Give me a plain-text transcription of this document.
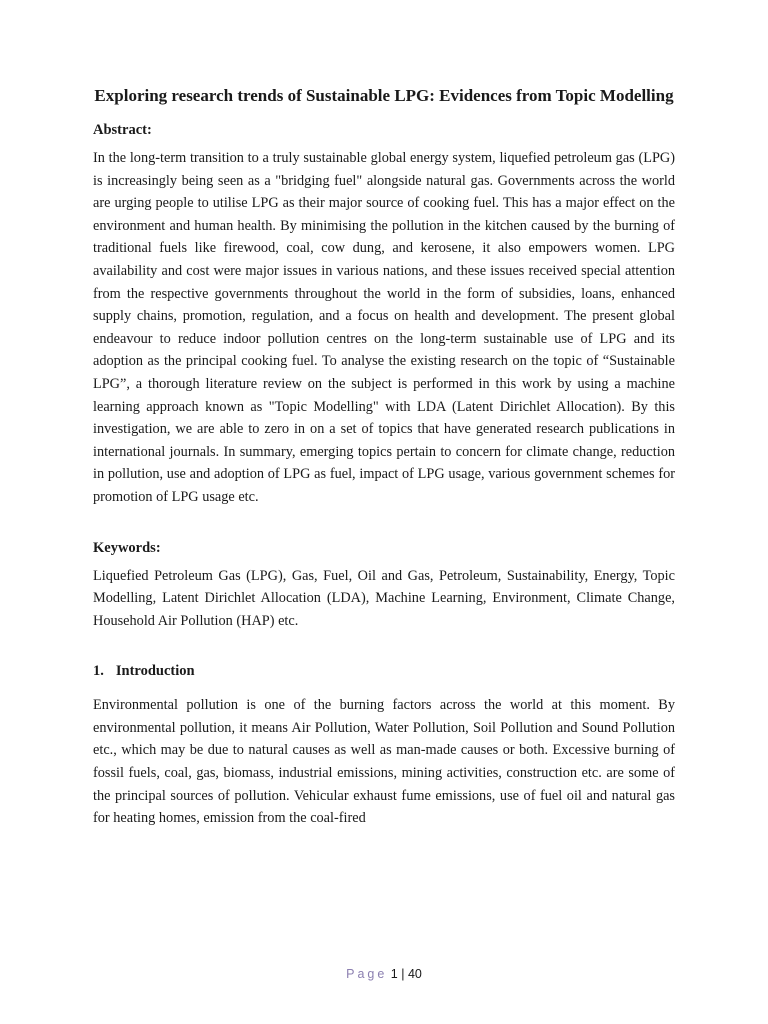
Exploring research trends of Sustainable LPG: Evidences from Topic Modelling
Abstract:

In the long-term transition to a truly sustainable global energy system, liquefied petroleum gas (LPG) is increasingly being seen as a "bridging fuel" alongside natural gas. Governments across the world are urging people to utilise LPG as their major source of cooking fuel. This has a major effect on the environment and human health. By minimising the pollution in the kitchen caused by the burning of traditional fuels like firewood, coal, cow dung, and kerosene, it also empowers women. LPG availability and cost were major issues in various nations, and these issues received special attention from the respective governments throughout the world in the form of subsidies, loans, enhanced supply chains, promotion, regulation, and a focus on health and development. The present global endeavour to reduce indoor pollution centres on the long-term sustainable use of LPG and its adoption as the principal cooking fuel. To analyse the existing research on the topic of “Sustainable LPG”, a thorough literature review on the subject is performed in this work by using a machine learning approach known as "Topic Modelling" with LDA (Latent Dirichlet Allocation). By this investigation, we are able to zero in on a set of topics that have generated research publications in international journals. In summary, emerging topics pertain to concern for climate change, reduction in pollution, use and adoption of LPG as fuel, impact of LPG usage, various government schemes for promotion of LPG usage etc.

Keywords:

Liquefied Petroleum Gas (LPG), Gas, Fuel, Oil and Gas, Petroleum, Sustainability, Energy, Topic Modelling, Latent Dirichlet Allocation (LDA), Machine Learning, Environment, Climate Change, Household Air Pollution (HAP) etc.

1. Introduction

Environmental pollution is one of the burning factors across the world at this moment. By environmental pollution, it means Air Pollution, Water Pollution, Soil Pollution and Sound Pollution etc., which may be due to natural causes as well as man-made causes or both. Excessive burning of fossil fuels, coal, gas, biomass, industrial emissions, mining activities, construction etc. are some of the principal sources of pollution. Vehicular exhaust fume emissions, use of fuel oil and natural gas for heating homes, emission from the coal-fired

Page 1 | 40
